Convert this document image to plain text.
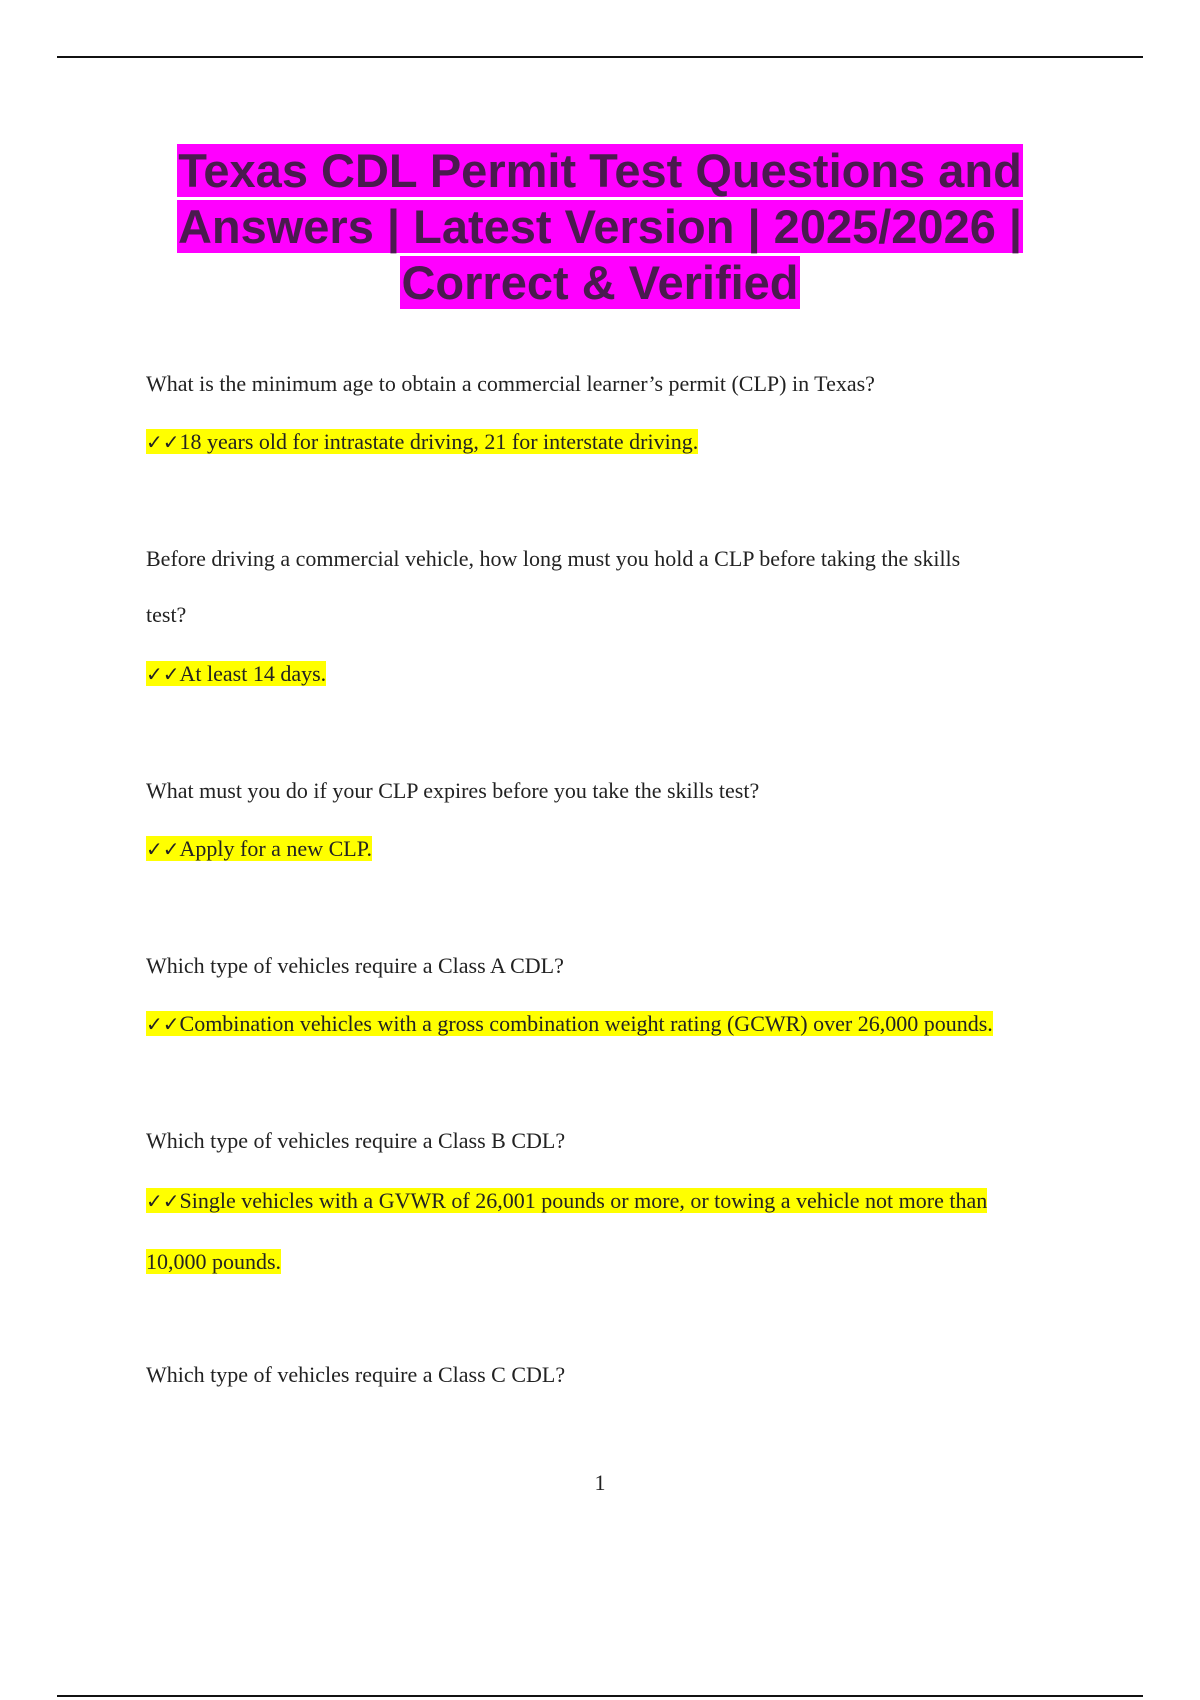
Texas CDL Permit Test Questions and
Answers | Latest Version | 2025/2026 |
Correct & Verified
What is the minimum age to obtain a commercial learner’s permit (CLP) in Texas?
✓✓18 years old for intrastate driving, 21 for interstate driving.
Before driving a commercial vehicle, how long must you hold a CLP before taking the skills
test?
✓✓At least 14 days.
What must you do if your CLP expires before you take the skills test?
✓✓Apply for a new CLP.
Which type of vehicles require a Class A CDL?
✓✓Combination vehicles with a gross combination weight rating (GCWR) over 26,000 pounds.
Which type of vehicles require a Class B CDL?
✓✓Single vehicles with a GVWR of 26,001 pounds or more, or towing a vehicle not more than
10,000 pounds.
Which type of vehicles require a Class C CDL?
1
